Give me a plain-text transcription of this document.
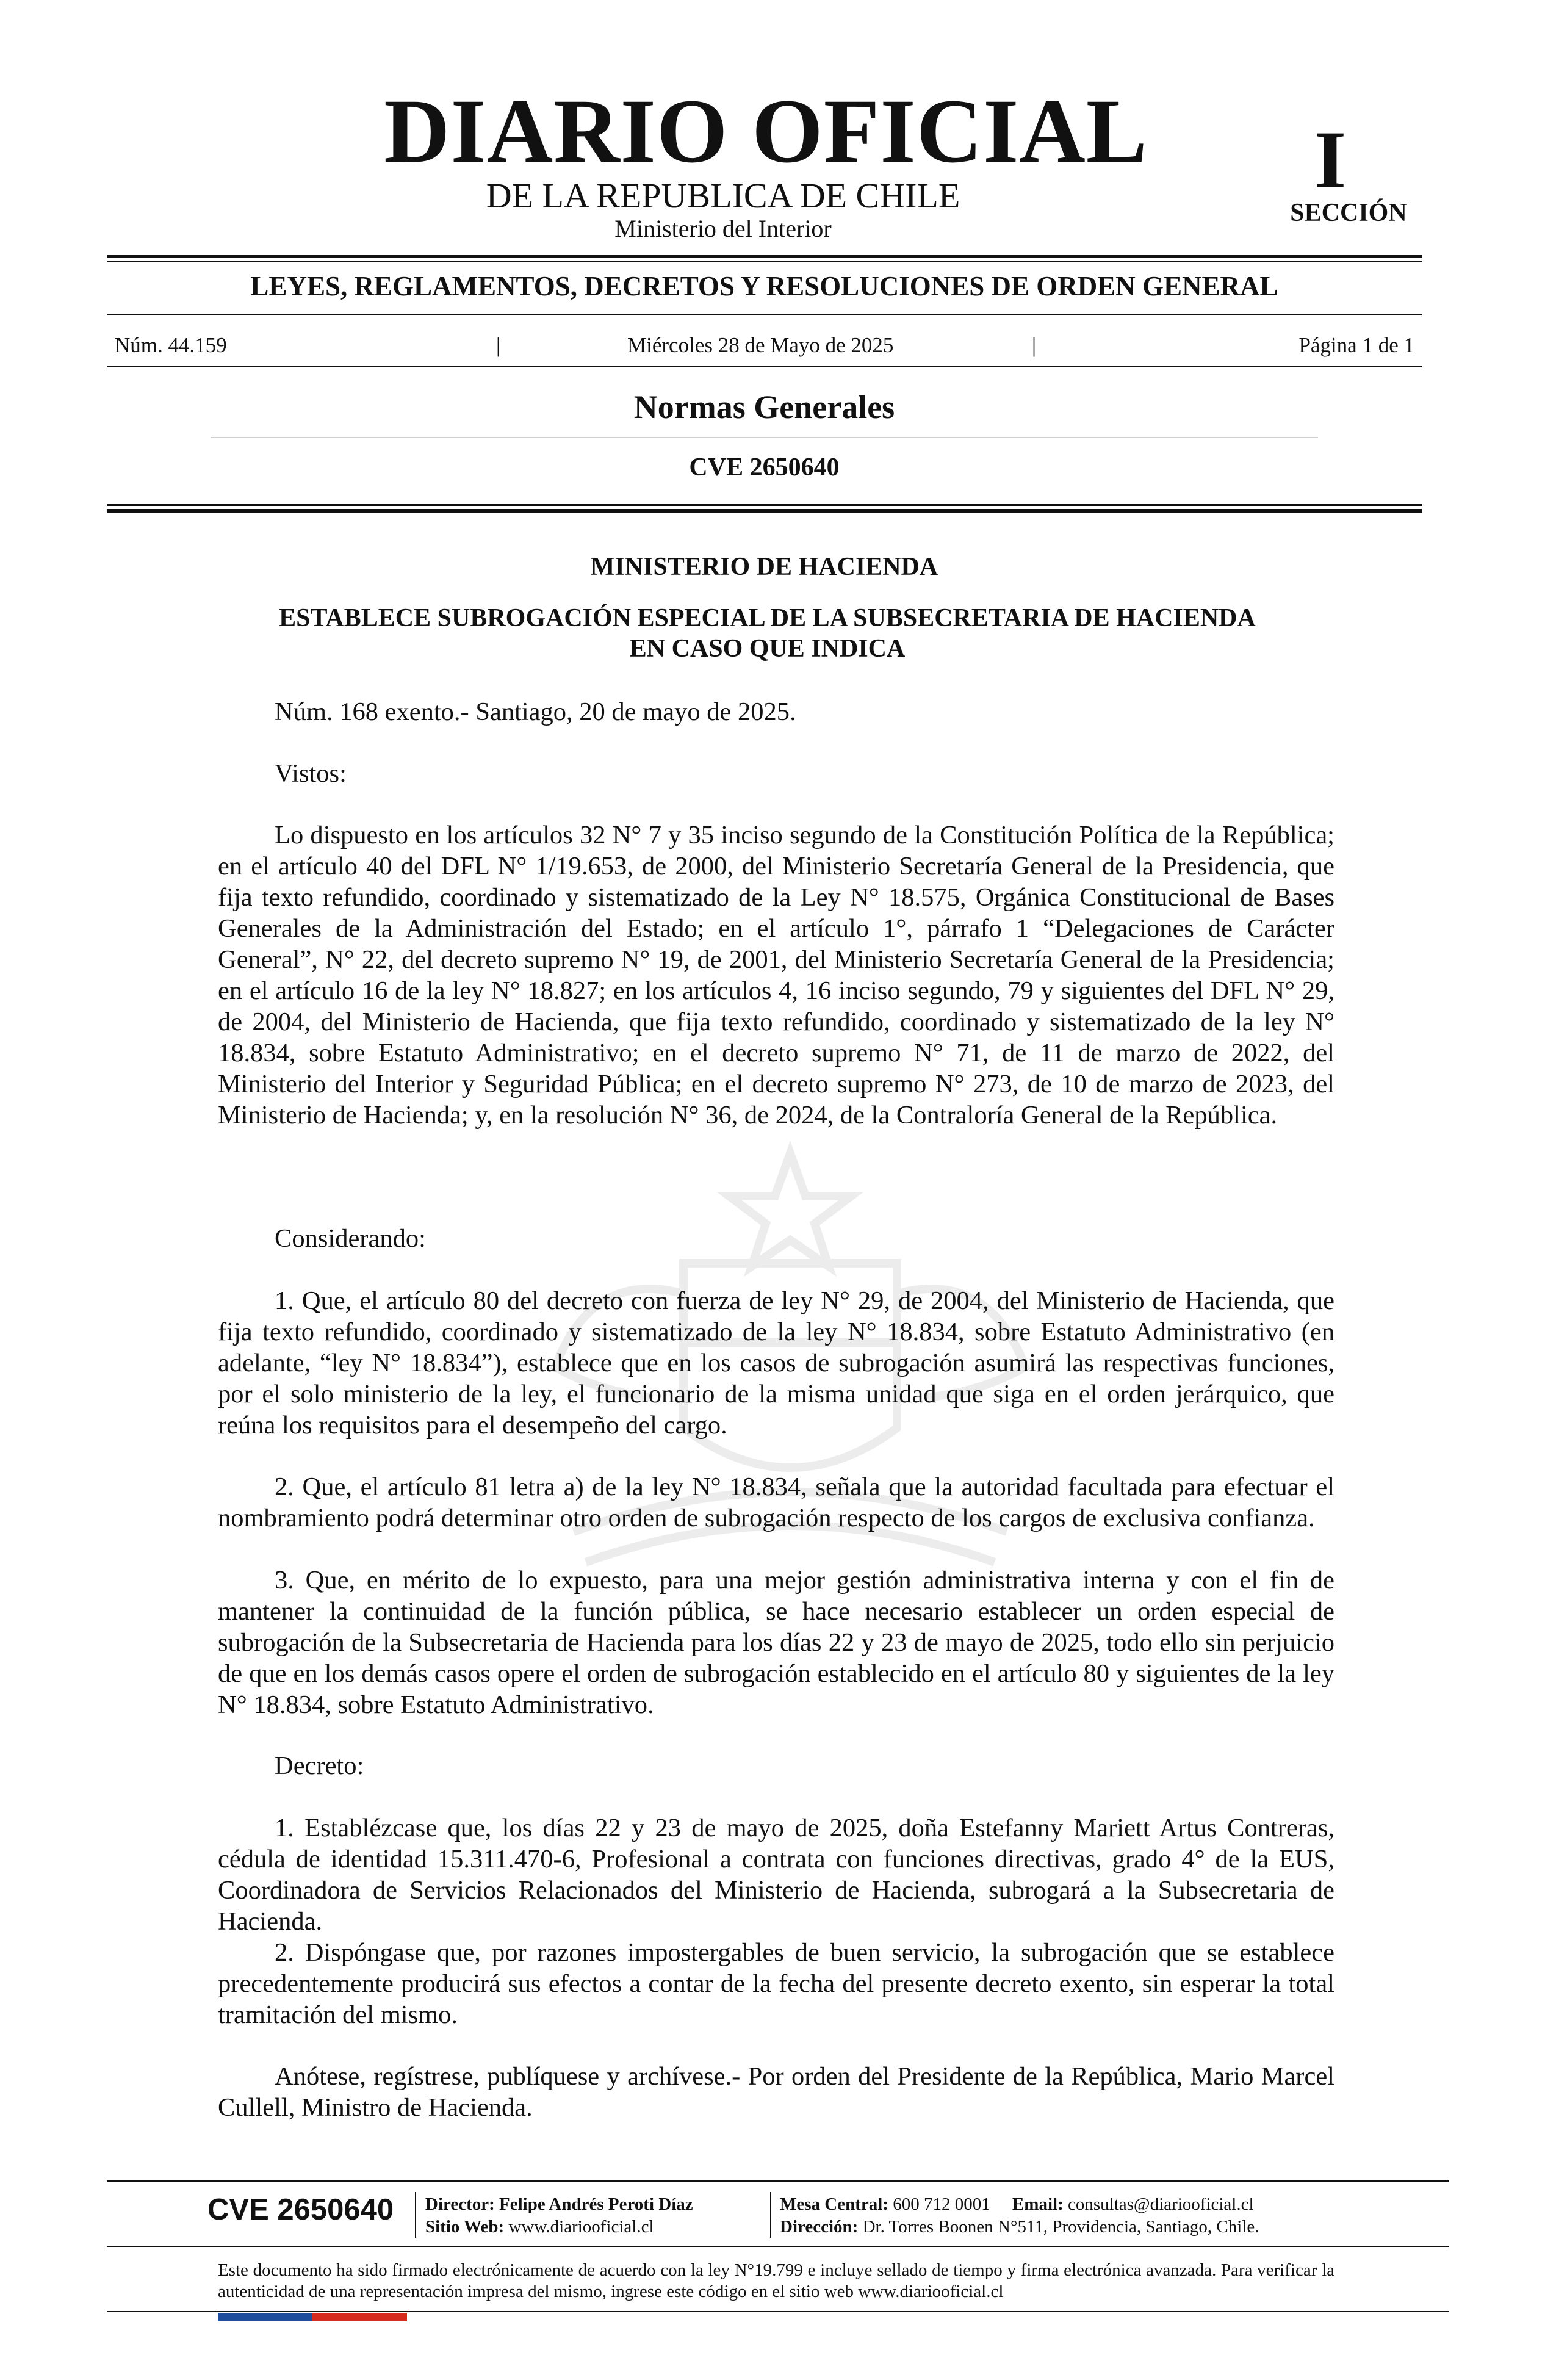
DIARIO OFICIAL
DE LA REPUBLICA DE CHILE
Ministerio del Interior
I
SECCIÓN
LEYES, REGLAMENTOS, DECRETOS Y RESOLUCIONES DE ORDEN GENERAL
Núm. 44.159	|	Miércoles 28 de Mayo de 2025	|	Página 1 de 1
Normas Generales
CVE 2650640
MINISTERIO DE HACIENDA
ESTABLECE SUBROGACIÓN ESPECIAL DE LA SUBSECRETARIA DE HACIENDA
EN CASO QUE INDICA

Núm. 168 exento.- Santiago, 20 de mayo de 2025.

Vistos:

Lo dispuesto en los artículos 32 N° 7 y 35 inciso segundo de la Constitución Política de la República; en el artículo 40 del DFL N° 1/19.653, de 2000, del Ministerio Secretaría General de la Presidencia, que fija texto refundido, coordinado y sistematizado de la Ley N° 18.575, Orgánica Constitucional de Bases Generales de la Administración del Estado; en el artículo 1°, párrafo 1 “Delegaciones de Carácter General”, N° 22, del decreto supremo N° 19, de 2001, del Ministerio Secretaría General de la Presidencia; en el artículo 16 de la ley N° 18.827; en los artículos 4, 16 inciso segundo, 79 y siguientes del DFL N° 29, de 2004, del Ministerio de Hacienda, que fija texto refundido, coordinado y sistematizado de la ley N° 18.834, sobre Estatuto Administrativo; en el decreto supremo N° 71, de 11 de marzo de 2022, del Ministerio del Interior y Seguridad Pública; en el decreto supremo N° 273, de 10 de marzo de 2023, del Ministerio de Hacienda; y, en la resolución N° 36, de 2024, de la Contraloría General de la República.

Considerando:

1. Que, el artículo 80 del decreto con fuerza de ley N° 29, de 2004, del Ministerio de Hacienda, que fija texto refundido, coordinado y sistematizado de la ley N° 18.834, sobre Estatuto Administrativo (en adelante, “ley N° 18.834”), establece que en los casos de subrogación asumirá las respectivas funciones, por el solo ministerio de la ley, el funcionario de la misma unidad que siga en el orden jerárquico, que reúna los requisitos para el desempeño del cargo.

2. Que, el artículo 81 letra a) de la ley N° 18.834, señala que la autoridad facultada para efectuar el nombramiento podrá determinar otro orden de subrogación respecto de los cargos de exclusiva confianza.

3. Que, en mérito de lo expuesto, para una mejor gestión administrativa interna y con el fin de mantener la continuidad de la función pública, se hace necesario establecer un orden especial de subrogación de la Subsecretaria de Hacienda para los días 22 y 23 de mayo de 2025, todo ello sin perjuicio de que en los demás casos opere el orden de subrogación establecido en el artículo 80 y siguientes de la ley N° 18.834, sobre Estatuto Administrativo.

Decreto:

1. Establézcase que, los días 22 y 23 de mayo de 2025, doña Estefanny Mariett Artus Contreras, cédula de identidad 15.311.470-6, Profesional a contrata con funciones directivas, grado 4° de la EUS, Coordinadora de Servicios Relacionados del Ministerio de Hacienda, subrogará a la Subsecretaria de Hacienda.

2. Dispóngase que, por razones impostergables de buen servicio, la subrogación que se establece precedentemente producirá sus efectos a contar de la fecha del presente decreto exento, sin esperar la total tramitación del mismo.

Anótese, regístrese, publíquese y archívese.- Por orden del Presidente de la República, Mario Marcel Cullell, Ministro de Hacienda.

CVE 2650640 Director: Felipe Andrés Peroti Díaz
Sitio Web: www.diariooficial.cl
Mesa Central: 600 712 0001 Email: consultas@diariooficial.cl
Dirección: Dr. Torres Boonen N°511, Providencia, Santiago, Chile.

Este documento ha sido firmado electrónicamente de acuerdo con la ley N°19.799 e incluye sellado de tiempo y firma electrónica avanzada. Para verificar la autenticidad de una representación impresa del mismo, ingrese este código en el sitio web www.diariooficial.cl
